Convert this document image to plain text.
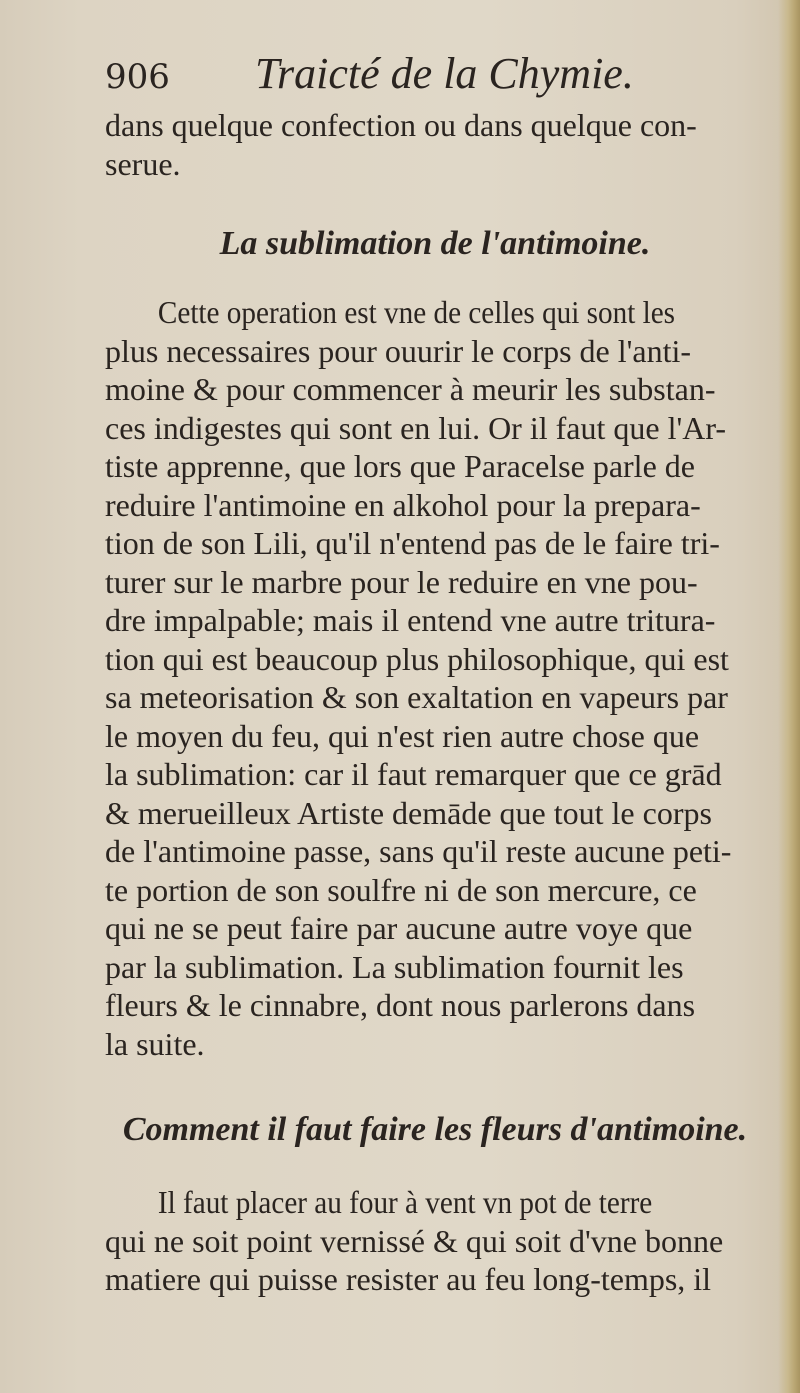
906	Traicté de la Chymie.
dans quelque confection ou dans quelque con-
serue.

La sublimation de l'antimoine.

Cette operation est vne de celles qui sont les
plus necessaires pour ouurir le corps de l'anti-
moine & pour commencer à meurir les substan-
ces indigestes qui sont en lui. Or il faut que l'Ar-
tiste apprenne, que lors que Paracelse parle de
reduire l'antimoine en alkohol pour la prepara-
tion de son Lili, qu'il n'entend pas de le faire tri-
turer sur le marbre pour le reduire en vne pou-
dre impalpable; mais il entend vne autre tritura-
tion qui est beaucoup plus philosophique, qui est
sa meteorisation & son exaltation en vapeurs par
le moyen du feu, qui n'est rien autre chose que
la sublimation: car il faut remarquer que ce grād
& merueilleux Artiste demāde que tout le corps
de l'antimoine passe, sans qu'il reste aucune peti-
te portion de son soulfre ni de son mercure, ce
qui ne se peut faire par aucune autre voye que
par la sublimation. La sublimation fournit les
fleurs & le cinnabre, dont nous parlerons dans
la suite.

Comment il faut faire les fleurs d'antimoine.

Il faut placer au four à vent vn pot de terre
qui ne soit point vernissé & qui soit d'vne bonne
matiere qui puisse resister au feu long-temps, il
